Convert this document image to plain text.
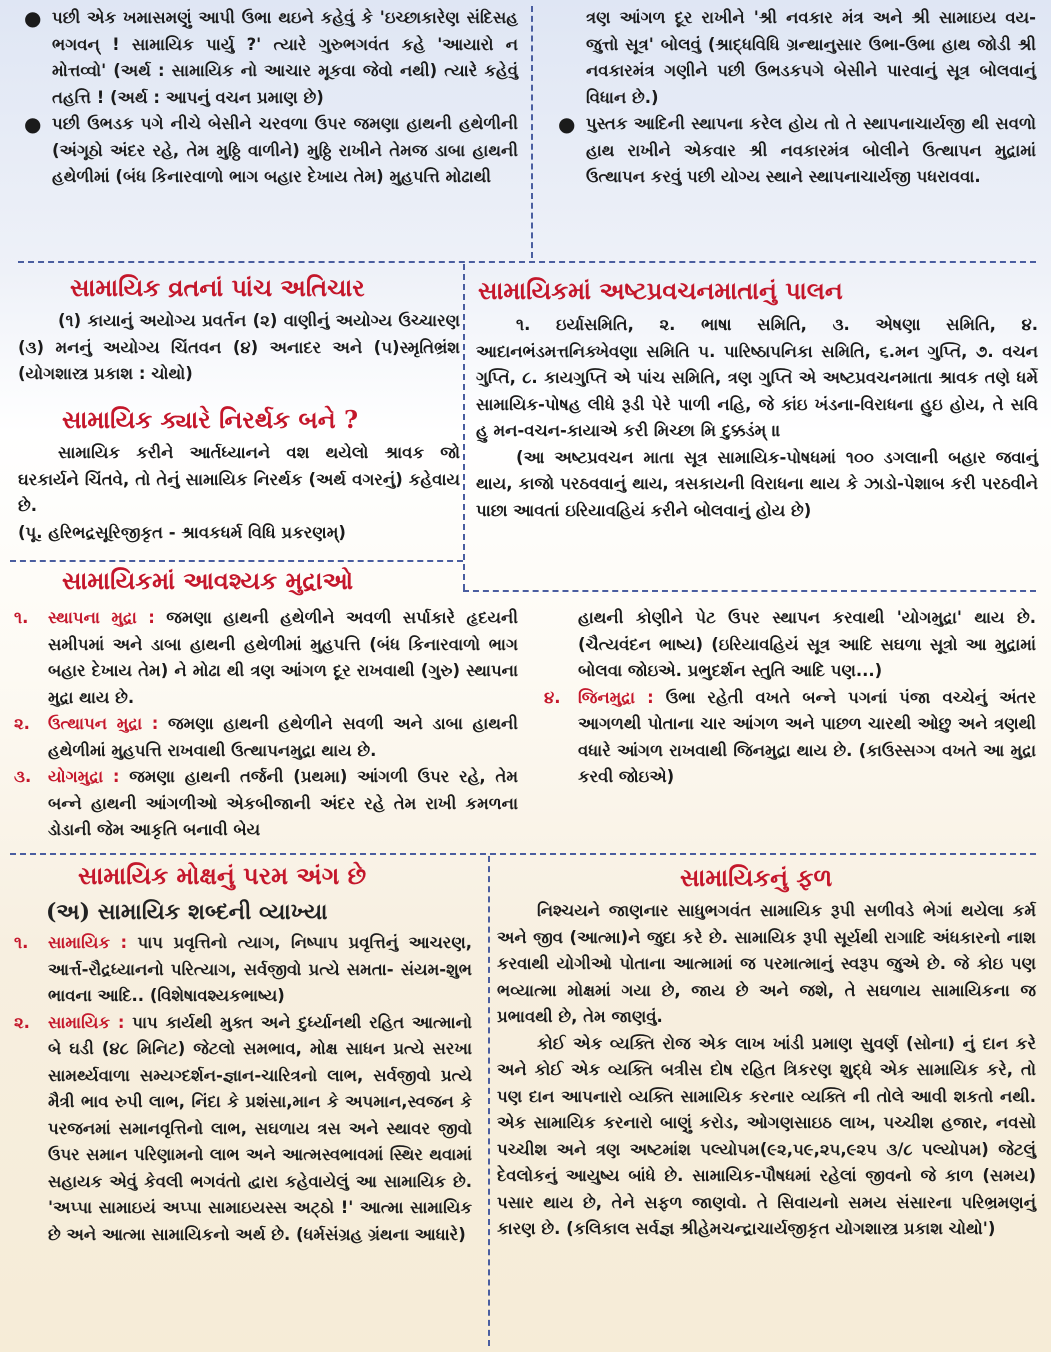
● પછી એક ખમાસમણું આપી ઉભા થઇને કહેવું કે 'ઇચ્છાકારેણ સંદિસહ ભગવન્ ! સામાયિક પાર્યુ ?' ત્યારે ગુરુભગવંત કહે 'આયારો ન મોત્તવ્વો' (અર્થ : સામાયિક નો આચાર મૂકવા જેવો નથી) ત્યારે કહેવું તહત્તિ ! (અર્થ : આપનું વચન પ્રમાણ છે)

● પછી ઉભડક પગે નીચે બેસીને ચરવળા ઉપર જમણા હાથની હથેળીની (અંગૂઠો અંદર રહે, તેમ મુઠ્ઠિ વાળીને) મુઠ્ઠિ રાખીને તેમજ ડાબા હાથની હથેળીમાં (બંધ કિનારવાળો ભાગ બહાર દેખાય તેમ) મુહપત્તિ મોઢાથી

ત્રણ આંગળ દૂર રાખીને 'શ્રી નવકાર મંત્ર અને શ્રી સામાઇય વય- જુત્તો સૂત્ર' બોલવું (શ્રાદ્ધવિધિ ગ્રન્થાનુસાર ઉભા-ઉભા હાથ જોડી શ્રી નવકારમંત્ર ગણીને પછી ઉભડકપગે બેસીને પારવાનું સૂત્ર બોલવાનું વિધાન છે.)

● પુસ્તક આદિની સ્થાપના કરેલ હોય તો તે સ્થાપનાચાર્યજી થી સવળો હાથ રાખીને એકવાર શ્રી નવકારમંત્ર બોલીને ઉત્થાપન મુદ્રામાં ઉત્થાપન કરવું પછી યોગ્ય સ્થાને સ્થાપનાચાર્યજી પધરાવવા.

સામાયિક વ્રતનાં પાંચ અતિચાર

(૧) કાયાનું અયોગ્ય પ્રવર્તન (૨) વાણીનું અયોગ્ય ઉચ્ચારણ (૩) મનનું અયોગ્ય ચિંતવન (૪) અનાદર અને (૫)સ્મૃતિભ્રંશ (યોગશાસ્ત્ર પ્રકાશ : ચોથો)

સામાયિક ક્યારે નિરર્થક બને ?

સામાયિક કરીને આર્તધ્યાનને વશ થયેલો શ્રાવક જો ઘરકાર્યને ચિંતવે, તો તેનું સામાયિક નિરર્થક (અર્થ વગરનું) કહેવાય છે.

(પૂ. હરિભદ્રસૂરિજીકૃત - શ્રાવકધર્મ વિધિ પ્રકરણમ્)

સામાયિકમાં અષ્ટપ્રવચનમાતાનું પાલન

૧. ઇર્યાસમિતિ, ૨. ભાષા સમિતિ, ૩. એષણા સમિતિ, ૪. આદાનભંડમત્તનિક્ખેવણા સમિતિ ૫. પારિષ્ઠાપનિકા સમિતિ, ૬.મન ગુપ્તિ, ૭. વચન ગુપ્તિ, ૮. કાયગુપ્તિ એ પાંચ સમિતિ, ત્રણ ગુપ્તિ એ અષ્ટપ્રવચનમાતા શ્રાવક તણે ધર્મે સામાયિક-પોષહ લીધે રૂડી પેરે પાળી નહિ, જે કાંઇ ખંડના-વિરાધના હુઇ હોય, તે સવિ હુ મન-વચન-કાયાએ કરી મિચ્છા મિ દુક્કડંમ્ ॥

(આ અષ્ટપ્રવચન માતા સૂત્ર સામાયિક-પોષધમાં ૧૦૦ ડગલાની બહાર જવાનું થાય, કાજો પરઠવવાનું થાય, ત્રસકાયની વિરાધના થાય કે ઝાડો-પેશાબ કરી પરઠવીને પાછા આવતાં ઇરિયાવહિયં કરીને બોલવાનું હોય છે)

સામાયિકમાં આવશ્યક મુદ્રાઓ

૧. સ્થાપના મુદ્રા : જમણા હાથની હથેળીને અવળી સર્પાકારે હૃદયની સમીપમાં અને ડાબા હાથની હથેળીમાં મુહપત્તિ (બંધ કિનારવાળો ભાગ બહાર દેખાય તેમ) ને મોઢા થી ત્રણ આંગળ દૂર રાખવાથી (ગુરુ) સ્થાપના મુદ્રા થાય છે.

૨. ઉત્થાપન મુદ્રા : જમણા હાથની હથેળીને સવળી અને ડાબા હાથની હથેળીમાં મુહપત્તિ રાખવાથી ઉત્થાપનમુદ્રા થાય છે.

૩. યોગમુદ્રા : જમણા હાથની તર્જની (પ્રથમા) આંગળી ઉપર રહે, તેમ બન્ને હાથની આંગળીઓ એકબીજાની અંદર રહે તેમ રાખી કમળના ડોડાની જેમ આકૃતિ બનાવી બેય

હાથની કોણીને પેટ ઉપર સ્થાપન કરવાથી 'યોગમુદ્રા' થાય છે. (ચૈત્યવંદન ભાષ્ય) (ઇરિયાવહિયં સૂત્ર આદિ સઘળા સૂત્રો આ મુદ્રામાં બોલવા જોઇએ. પ્રભુદર્શન સ્તુતિ આદિ પણ...)

૪. જિનમુદ્રા : ઉભા રહેતી વખતે બન્ને પગનાં પંજા વચ્ચેનું અંતર આગળથી પોતાના ચાર આંગળ અને પાછળ ચારથી ઓછુ અને ત્રણથી વધારે આંગળ રાખવાથી જિનમુદ્રા થાય છે. (કાઉસ્સગ્ગ વખતે આ મુદ્રા કરવી જોઇએ)

સામાયિક મોક્ષનું પરમ અંગ છે
(અ) સામાયિક શબ્દની વ્યાખ્યા

૧. સામાયિક : પાપ પ્રવૃત્તિનો ત્યાગ, નિષ્પાપ પ્રવૃત્તિનું આચરણ, આર્ત્ત-રૌદ્રધ્યાનનો પરિત્યાગ, સર્વજીવો પ્રત્યે સમતા- સંયમ-શુભ ભાવના આદિ.. (વિશેષાવશ્યકભાષ્ય)

૨. સામાયિક : પાપ કાર્યથી મુક્ત અને દુર્ધ્યાનથી રહિત આત્માનો બે ઘડી (૪૮ મિનિટ) જેટલો સમભાવ, મોક્ષ સાધન પ્રત્યે સરખા સામર્થ્યવાળા સમ્યગ્દર્શન-જ્ઞાન-ચારિત્રનો લાભ, સર્વજીવો પ્રત્યે મૈત્રી ભાવ રુપી લાભ, નિંદા કે પ્રશંસા,માન કે અપમાન,સ્વજન કે પરજનમાં સમાનવૃત્તિનો લાભ, સઘળાય ત્રસ અને સ્થાવર જીવો ઉપર સમાન પરિણામનો લાભ અને આત્મસ્વભાવમાં સ્થિર થવામાં સહાયક એવું કેવલી ભગવંતો દ્વારા કહેવાયેલું આ સામાયિક છે. 'અપ્પા સામાઇયં અપ્પા સામાઇયસ્સ અટ્ઠો !' આત્મા સામાયિક છે અને આત્મા સામાયિકનો અર્થ છે. (ધર્મસંગ્રહ ગ્રંથના આધારે)

સામાયિકનું ફળ

નિશ્ચયને જાણનાર સાધુભગવંત સામાયિક રૂપી સળીવડે ભેગાં થયેલા કર્મ અને જીવ (આત્મા)ને જુદા કરે છે. સામાયિક રૂપી સૂર્યથી રાગાદિ અંધકારનો નાશ કરવાથી યોગીઓ પોતાના આત્મામાં જ પરમાત્માનું સ્વરૂપ જુએ છે. જે કોઇ પણ ભવ્યાત્મા મોક્ષમાં ગયા છે, જાય છે અને જશે, તે સઘળાય સામાયિકના જ પ્રભાવથી છે, તેમ જાણવું.

કોઈ એક વ્યક્તિ રોજ એક લાખ ખાંડી પ્રમાણ સુવર્ણ (સોના) નું દાન કરે અને કોઈ એક વ્યક્તિ બત્રીસ દોષ રહિત ત્રિકરણ શુદ્ધે એક સામાયિક કરે, તો પણ દાન આપનારો વ્યક્તિ સામાયિક કરનાર વ્યક્તિ ની તોલે આવી શકતો નથી. એક સામાયિક કરનારો બાણું કરોડ, ઓગણસાઇઠ લાખ, પચ્ચીશ હજાર, નવસો પચ્ચીશ અને ત્રણ અષ્ટમાંશ પલ્યોપમ(૯૨,૫૯,૨૫,૯૨૫ ૩/૮ પલ્યોપમ) જેટલું દેવલોકનું આયુષ્ય બાંધે છે. સામાયિક-પૌષધમાં રહેલાં જીવનો જે કાળ (સમય) પસાર થાય છે, તેને સફળ જાણવો. તે સિવાયનો સમય સંસારના પરિભ્રમણનું કારણ છે. (કલિકાલ સર્વજ્ઞ શ્રીહેમચન્દ્રાચાર્યજીકૃત યોગશાસ્ત્ર પ્રકાશ ચોથો')
